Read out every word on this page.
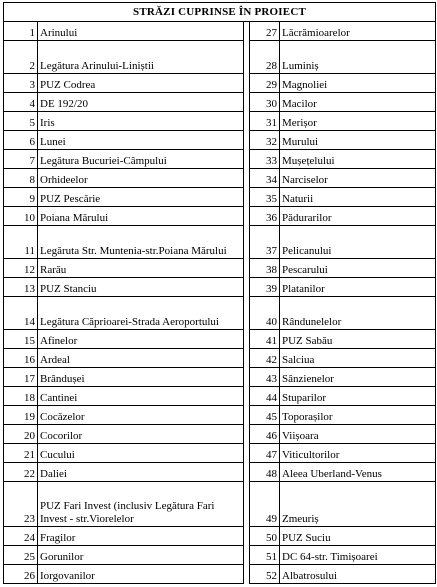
STRĂZI CUPRINSE ÎN PROIECT				

1	Arinului		27	Lăcrămioarelor

2	Legătura Arinului-Liniștii		28	Luminiș

3	PUZ Codrea		29	Magnoliei

4	DE 192/20		30	Macilor

5	Iris		31	Merișor

6	Lunei		32	Murului

7	Legătura Bucuriei-Câmpului		33	Mușețelului

8	Orhideelor		34	Narciselor

9	PUZ Pescărie		35	Naturii

10	Poiana Mărului		36	Pădurarilor

11	Legăruta Str. Muntenia-str.Poiana Mărului		37	Pelicanului

12	Rarău		38	Pescarului

13	PUZ Stanciu		39	Platanilor

14	Legătura Căprioarei-Strada Aeroportului		40	Rândunelelor

15	Afinelor		41	PUZ Sabău

16	Ardeal		42	Salciua

17	Brândușei		43	Sânzienelor

18	Cantinei		44	Stuparilor

19	Cocăzelor		45	Toporașilor

20	Cocorilor		46	Viișoara

21	Cucului		47	Viticultorilor

22	Daliei		48	Aleea Uberland-Venus

23	PUZ Fari Invest (inclusiv Legătura Fari Invest - str.Viorelelor		49	Zmeuriș

24	Fragilor		50	PUZ Suciu

25	Gorunilor		51	DC 64-str. Timișoarei

26	Iorgovanilor		52	Albatrosului
